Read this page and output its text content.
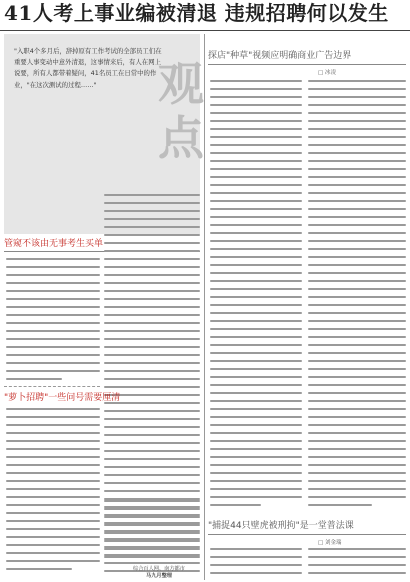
41人考上事业编被清退 违规招聘何以发生
"入职4个多月后，辞掉原有工作考试的全部员工们在重要人事变动中意外清退，这事情来后，有人在网上说要，所有人都带着疑问，41名员工在日常中的作业，"在这次测试的过程……"	观
点
管窥不该由无事考生买单
"萝卜招聘"一些问号需要厘清
综合百人网、南方都市
马九月整理
探店"种草"视频应明确商业广告边界
□ 冰凌
"捕捉44只壁虎被刑拘"是一堂普法课
□ 刘金瑞
